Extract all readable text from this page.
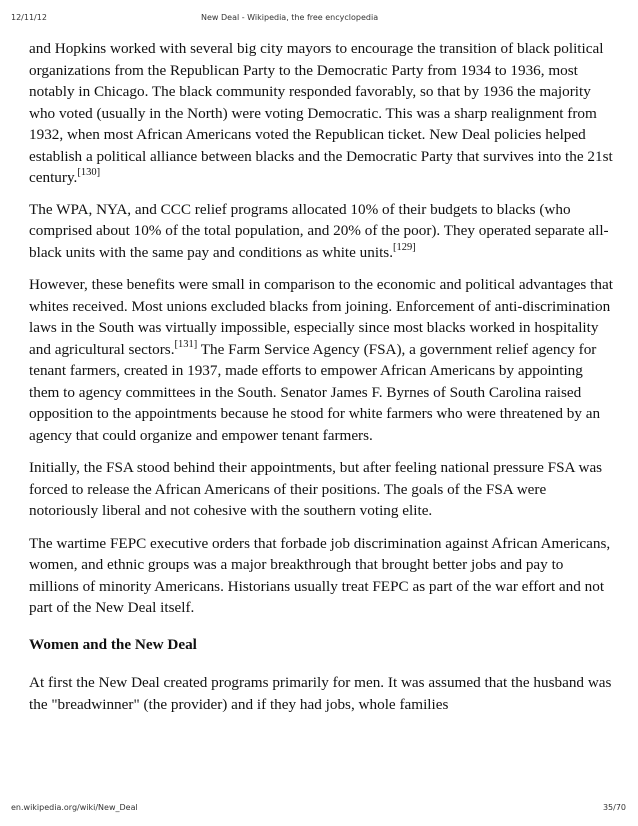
12/11/12	New Deal - Wikipedia, the free encyclopedia

and Hopkins worked with several big city mayors to encourage the transition of black political organizations from the Republican Party to the Democratic Party from 1934 to 1936, most notably in Chicago. The black community responded favorably, so that by 1936 the majority who voted (usually in the North) were voting Democratic. This was a sharp realignment from 1932, when most African Americans voted the Republican ticket. New Deal policies helped establish a political alliance between blacks and the Democratic Party that survives into the 21st century.[130]

The WPA, NYA, and CCC relief programs allocated 10% of their budgets to blacks (who comprised about 10% of the total population, and 20% of the poor). They operated separate all-black units with the same pay and conditions as white units.[129]

However, these benefits were small in comparison to the economic and political advantages that whites received. Most unions excluded blacks from joining. Enforcement of anti-discrimination laws in the South was virtually impossible, especially since most blacks worked in hospitality and agricultural sectors.[131] The Farm Service Agency (FSA), a government relief agency for tenant farmers, created in 1937, made efforts to empower African Americans by appointing them to agency committees in the South. Senator James F. Byrnes of South Carolina raised opposition to the appointments because he stood for white farmers who were threatened by an agency that could organize and empower tenant farmers.

Initially, the FSA stood behind their appointments, but after feeling national pressure FSA was forced to release the African Americans of their positions. The goals of the FSA were notoriously liberal and not cohesive with the southern voting elite.

The wartime FEPC executive orders that forbade job discrimination against African Americans, women, and ethnic groups was a major breakthrough that brought better jobs and pay to millions of minority Americans. Historians usually treat FEPC as part of the war effort and not part of the New Deal itself.

Women and the New Deal

At first the New Deal created programs primarily for men. It was assumed that the husband was the "breadwinner" (the provider) and if they had jobs, whole families

en.wikipedia.org/wiki/New_Deal	35/70
